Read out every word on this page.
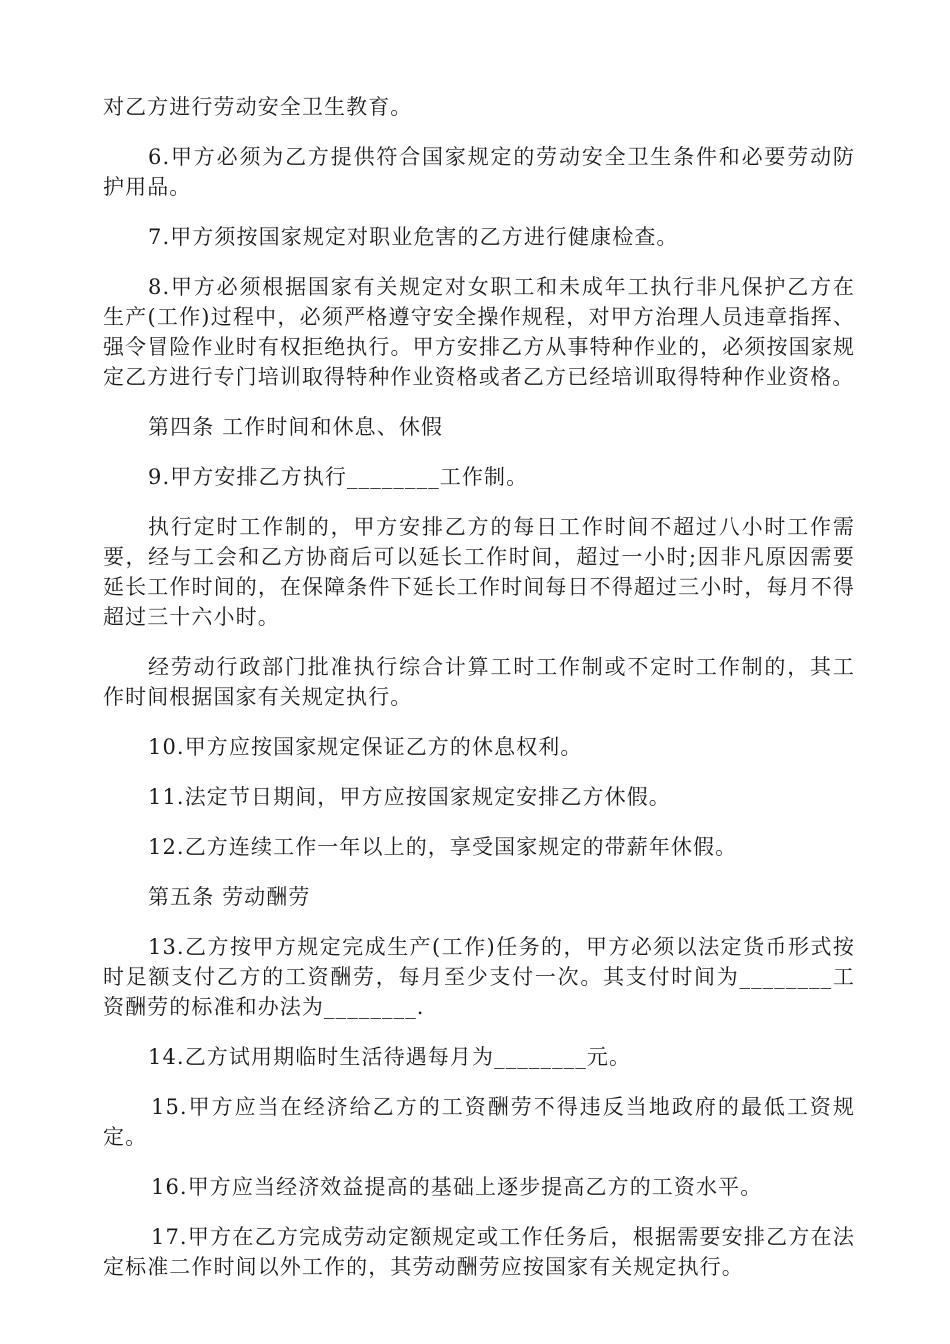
对乙方进行劳动安全卫生教育。

6.甲方必须为乙方提供符合国家规定的劳动安全卫生条件和必要劳动防护用品。

7.甲方须按国家规定对职业危害的乙方进行健康检查。

8.甲方必须根据国家有关规定对女职工和未成年工执行非凡保护乙方在生产(工作)过程中，必须严格遵守安全操作规程，对甲方治理人员违章指挥、强令冒险作业时有权拒绝执行。甲方安排乙方从事特种作业的，必须按国家规定乙方进行专门培训取得特种作业资格或者乙方已经培训取得特种作业资格。

第四条 工作时间和休息、休假

9.甲方安排乙方执行________工作制。

执行定时工作制的，甲方安排乙方的每日工作时间不超过八小时工作需要，经与工会和乙方协商后可以延长工作时间，超过一小时;因非凡原因需要延长工作时间的，在保障条件下延长工作时间每日不得超过三小时，每月不得超过三十六小时。

经劳动行政部门批准执行综合计算工时工作制或不定时工作制的，其工作时间根据国家有关规定执行。

10.甲方应按国家规定保证乙方的休息权利。

11.法定节日期间，甲方应按国家规定安排乙方休假。

12.乙方连续工作一年以上的，享受国家规定的带薪年休假。

第五条 劳动酬劳

13.乙方按甲方规定完成生产(工作)任务的，甲方必须以法定货币形式按时足额支付乙方的工资酬劳，每月至少支付一次。其支付时间为________工资酬劳的标准和办法为________.

14.乙方试用期临时生活待遇每月为________元。

15.甲方应当在经济给乙方的工资酬劳不得违反当地政府的最低工资规定。

16.甲方应当经济效益提高的基础上逐步提高乙方的工资水平。

17.甲方在乙方完成劳动定额规定或工作任务后，根据需要安排乙方在法定标准二作时间以外工作的，其劳动酬劳应按国家有关规定执行。
